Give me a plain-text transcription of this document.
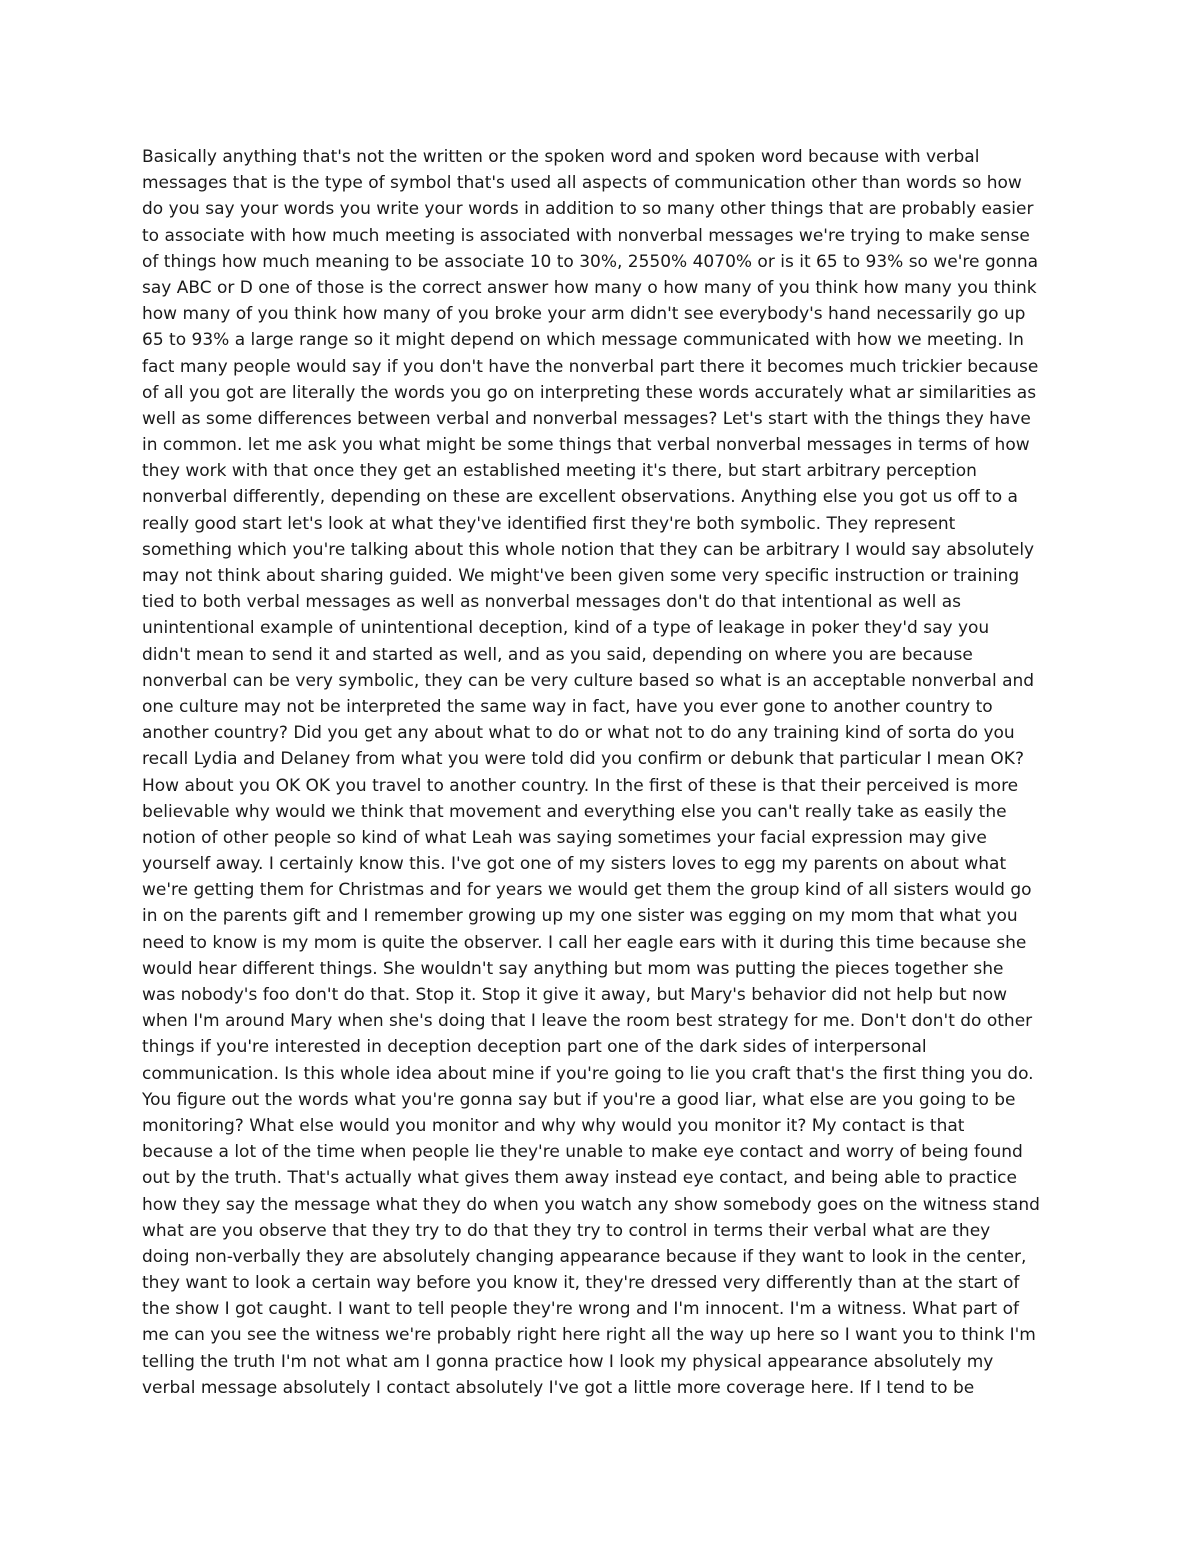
Basically anything that's not the written or the spoken word and spoken word because with verbal
messages that is the type of symbol that's used all aspects of communication other than words so how
do you say your words you write your words in addition to so many other things that are probably easier
to associate with how much meeting is associated with nonverbal messages we're trying to make sense
of things how much meaning to be associate 10 to 30%, 2550% 4070% or is it 65 to 93% so we're gonna
say ABC or D one of those is the correct answer how many o how many of you think how many you think
how many of you think how many of you broke your arm didn't see everybody's hand necessarily go up
65 to 93% a large range so it might depend on which message communicated with how we meeting. In
fact many people would say if you don't have the nonverbal part there it becomes much trickier because
of all you got are literally the words you go on interpreting these words accurately what ar similarities as
well as some differences between verbal and nonverbal messages? Let's start with the things they have
in common. let me ask you what might be some things that verbal nonverbal messages in terms of how
they work with that once they get an established meeting it's there, but start arbitrary perception
nonverbal differently, depending on these are excellent observations. Anything else you got us off to a
really good start let's look at what they've identified first they're both symbolic. They represent
something which you're talking about this whole notion that they can be arbitrary I would say absolutely
may not think about sharing guided. We might've been given some very specific instruction or training
tied to both verbal messages as well as nonverbal messages don't do that intentional as well as
unintentional example of unintentional deception, kind of a type of leakage in poker they'd say you
didn't mean to send it and started as well, and as you said, depending on where you are because
nonverbal can be very symbolic, they can be very culture based so what is an acceptable nonverbal and
one culture may not be interpreted the same way in fact, have you ever gone to another country to
another country? Did you get any about what to do or what not to do any training kind of sorta do you
recall Lydia and Delaney from what you were told did you confirm or debunk that particular I mean OK?
How about you OK OK you travel to another country. In the first of these is that their perceived is more
believable why would we think that movement and everything else you can't really take as easily the
notion of other people so kind of what Leah was saying sometimes your facial expression may give
yourself away. I certainly know this. I've got one of my sisters loves to egg my parents on about what
we're getting them for Christmas and for years we would get them the group kind of all sisters would go
in on the parents gift and I remember growing up my one sister was egging on my mom that what you
need to know is my mom is quite the observer. I call her eagle ears with it during this time because she
would hear different things. She wouldn't say anything but mom was putting the pieces together she
was nobody's foo don't do that. Stop it. Stop it give it away, but Mary's behavior did not help but now
when I'm around Mary when she's doing that I leave the room best strategy for me. Don't don't do other
things if you're interested in deception deception part one of the dark sides of interpersonal
communication. Is this whole idea about mine if you're going to lie you craft that's the first thing you do.
You figure out the words what you're gonna say but if you're a good liar, what else are you going to be
monitoring? What else would you monitor and why why would you monitor it? My contact is that
because a lot of the time when people lie they're unable to make eye contact and worry of being found
out by the truth. That's actually what gives them away instead eye contact, and being able to practice
how they say the message what they do when you watch any show somebody goes on the witness stand
what are you observe that they try to do that they try to control in terms their verbal what are they
doing non-verbally they are absolutely changing appearance because if they want to look in the center,
they want to look a certain way before you know it, they're dressed very differently than at the start of
the show I got caught. I want to tell people they're wrong and I'm innocent. I'm a witness. What part of
me can you see the witness we're probably right here right all the way up here so I want you to think I'm
telling the truth I'm not what am I gonna practice how I look my physical appearance absolutely my
verbal message absolutely I contact absolutely I've got a little more coverage here. If I tend to be
